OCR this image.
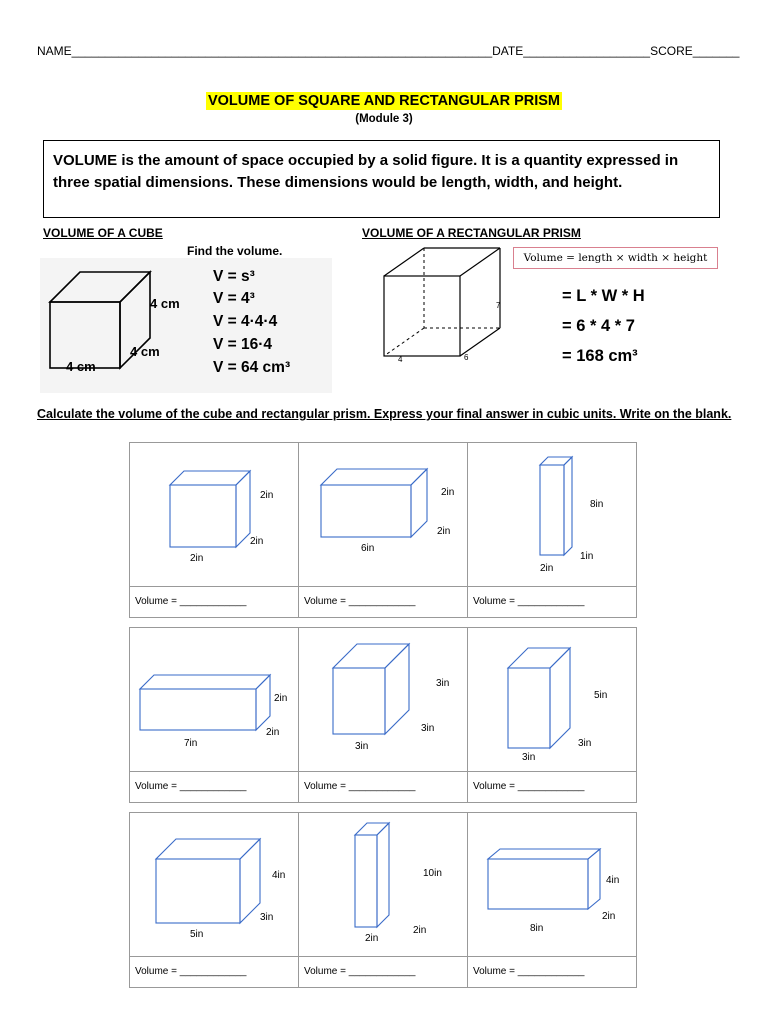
NAME_______________________________________________________________DATE___________________SCORE_______
VOLUME OF SQUARE AND RECTANGULAR PRISM
(Module 3)
VOLUME is the amount of space occupied by a solid figure. It is a quantity expressed in three spatial dimensions. These dimensions would be length, width, and height.
VOLUME OF A CUBE
4 cm
4 cm
4 cm
Find the volume.
V = s³
V = 4³
V = 4·4·4
V = 16·4
V = 64 cm³
VOLUME OF A RECTANGULAR PRISM
7
4	6
Volume = length × width × height
= L * W * H
= 6 * 4 * 7
= 168 cm³
Calculate the volume of the cube and rectangular prism. Express your final answer in cubic units. Write on the blank.
2in
2in
2in	2in
2in
6in	8in
1in
2in

Volume = ____________	Volume = ____________	Volume = ____________
2in
2in
7in	3in
3in
3in	5in
3in
3in

Volume = ____________	Volume = ____________	Volume = ____________
4in
3in
5in	10in
2in
2in	4in
2in
8in

Volume = ____________	Volume = ____________	Volume = ____________
